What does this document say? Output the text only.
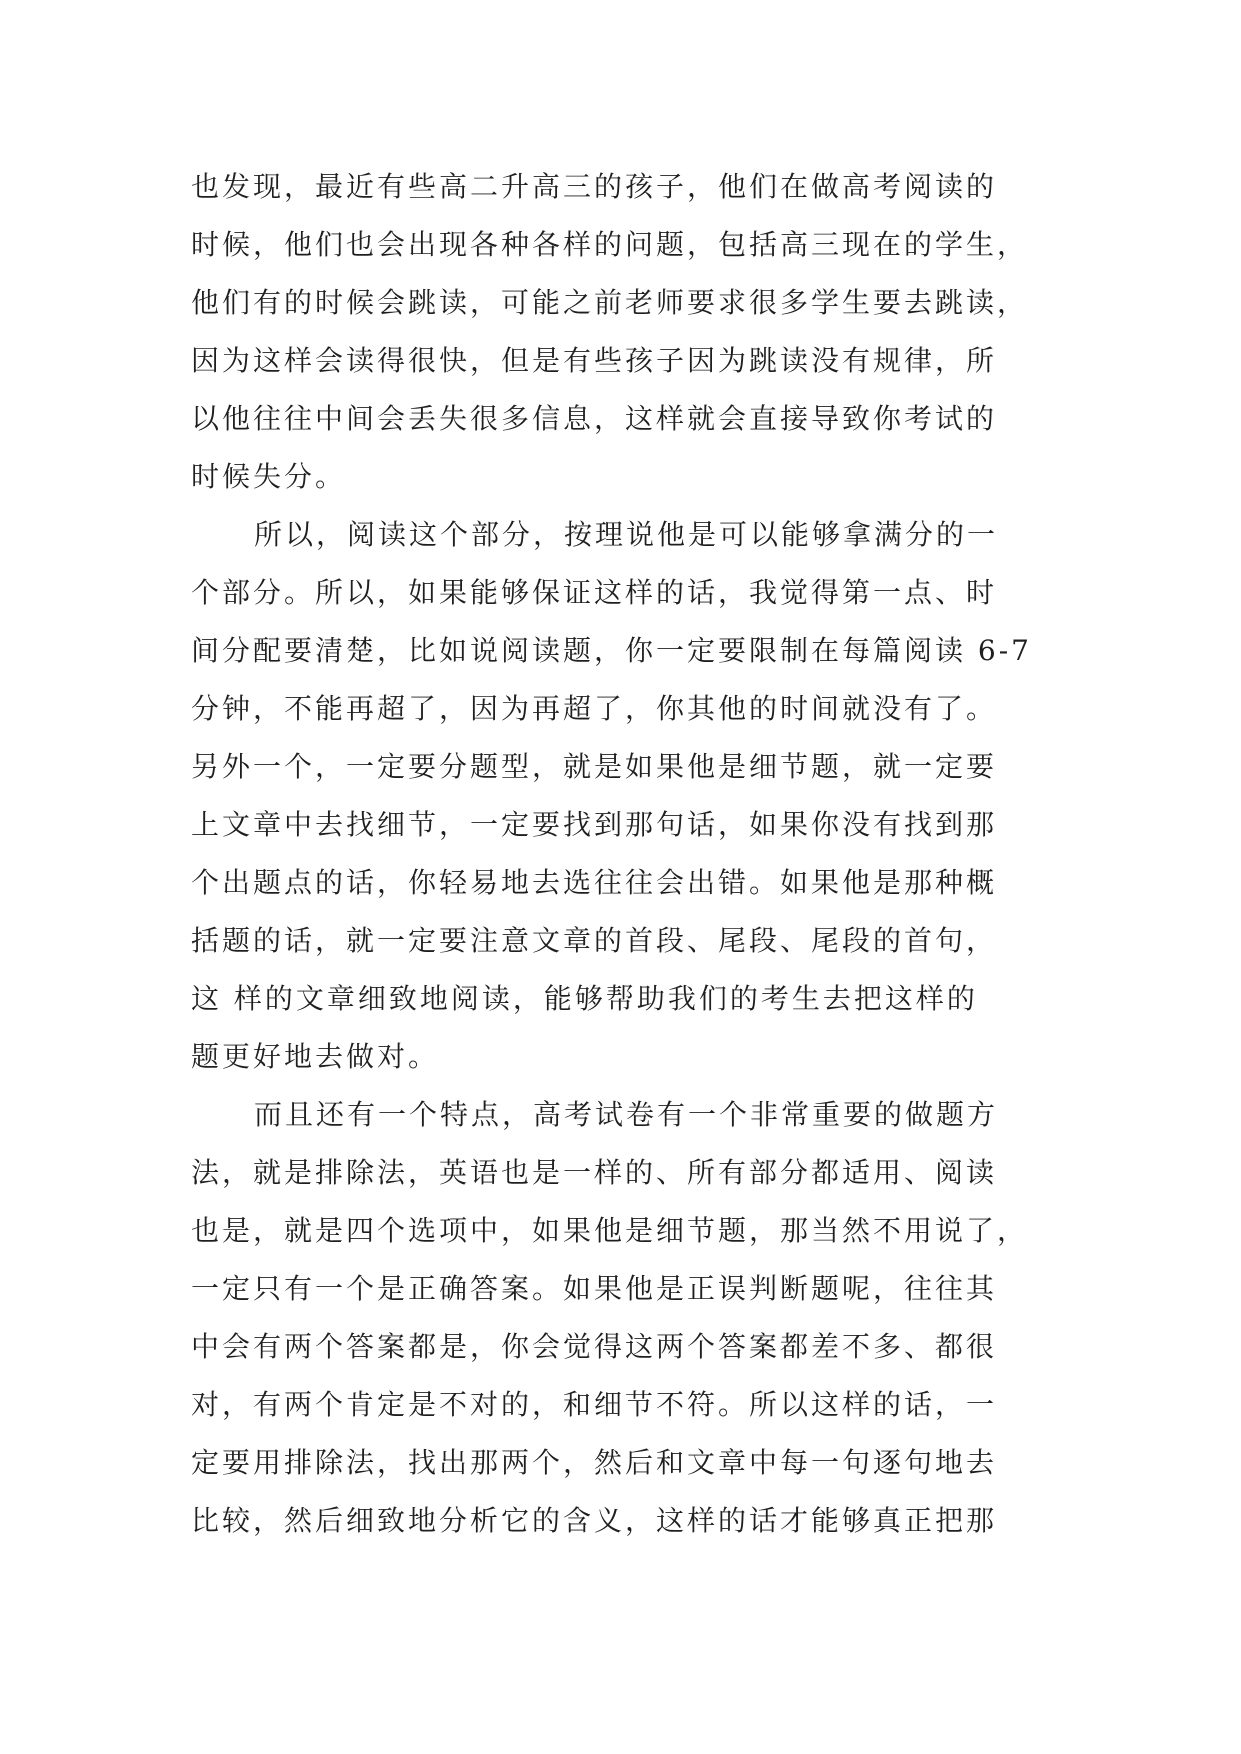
也发现，最近有些高二升高三的孩子，他们在做高考阅读的
时候，他们也会出现各种各样的问题，包括高三现在的学生，
他们有的时候会跳读，可能之前老师要求很多学生要去跳读，
因为这样会读得很快，但是有些孩子因为跳读没有规律，所
以他往往中间会丢失很多信息，这样就会直接导致你考试的
时候失分。
所以，阅读这个部分，按理说他是可以能够拿满分的一
个部分。所以，如果能够保证这样的话，我觉得第一点、时
间分配要清楚，比如说阅读题，你一定要限制在每篇阅读 6-7
分钟，不能再超了，因为再超了，你其他的时间就没有了。
另外一个，一定要分题型，就是如果他是细节题，就一定要
上文章中去找细节，一定要找到那句话，如果你没有找到那
个出题点的话，你轻易地去选往往会出错。如果他是那种概
括题的话，就一定要注意文章的首段、尾段、尾段的首句，
这 样的文章细致地阅读，能够帮助我们的考生去把这样的
题更好地去做对。
而且还有一个特点，高考试卷有一个非常重要的做题方
法，就是排除法，英语也是一样的、所有部分都适用、阅读
也是，就是四个选项中，如果他是细节题，那当然不用说了，
一定只有一个是正确答案。如果他是正误判断题呢，往往其
中会有两个答案都是，你会觉得这两个答案都差不多、都很
对，有两个肯定是不对的，和细节不符。所以这样的话，一
定要用排除法，找出那两个，然后和文章中每一句逐句地去
比较，然后细致地分析它的含义，这样的话才能够真正把那
